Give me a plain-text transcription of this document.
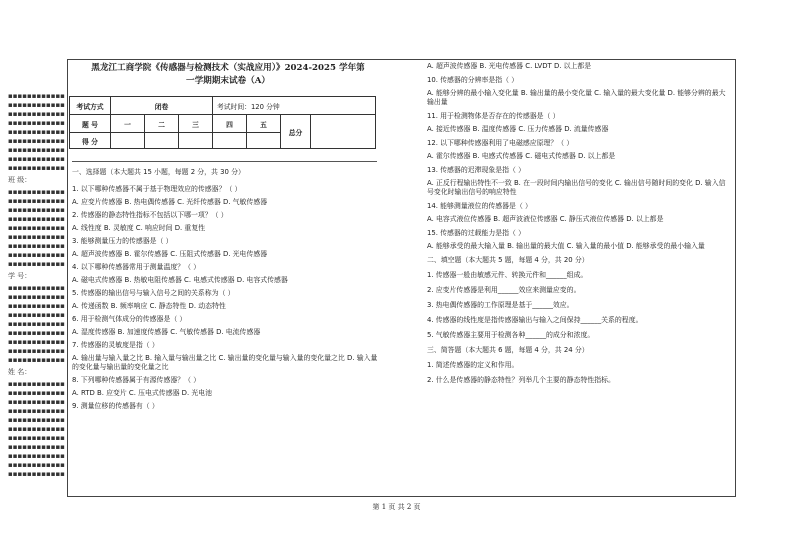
▪▪▪▪▪▪▪▪▪▪▪▪
▪▪▪▪▪▪▪▪▪▪▪▪
▪▪▪▪▪▪▪▪▪▪▪▪
▪▪▪▪▪▪▪▪▪▪▪▪
▪▪▪▪▪▪▪▪▪▪▪▪
▪▪▪▪▪▪▪▪▪▪▪▪
▪▪▪▪▪▪▪▪▪▪▪▪
▪▪▪▪▪▪▪▪▪▪▪▪
▪▪▪▪▪▪▪▪▪▪▪▪
班 级：
▪▪▪▪▪▪▪▪▪▪▪▪
▪▪▪▪▪▪▪▪▪▪▪▪
▪▪▪▪▪▪▪▪▪▪▪▪
▪▪▪▪▪▪▪▪▪▪▪▪
▪▪▪▪▪▪▪▪▪▪▪▪
▪▪▪▪▪▪▪▪▪▪▪▪
▪▪▪▪▪▪▪▪▪▪▪▪
▪▪▪▪▪▪▪▪▪▪▪▪
▪▪▪▪▪▪▪▪▪▪▪▪
学 号：
▪▪▪▪▪▪▪▪▪▪▪▪
▪▪▪▪▪▪▪▪▪▪▪▪
▪▪▪▪▪▪▪▪▪▪▪▪
▪▪▪▪▪▪▪▪▪▪▪▪
▪▪▪▪▪▪▪▪▪▪▪▪
▪▪▪▪▪▪▪▪▪▪▪▪
▪▪▪▪▪▪▪▪▪▪▪▪
▪▪▪▪▪▪▪▪▪▪▪▪
▪▪▪▪▪▪▪▪▪▪▪▪
姓 名：
▪▪▪▪▪▪▪▪▪▪▪▪
▪▪▪▪▪▪▪▪▪▪▪▪
▪▪▪▪▪▪▪▪▪▪▪▪
▪▪▪▪▪▪▪▪▪▪▪▪
▪▪▪▪▪▪▪▪▪▪▪▪
▪▪▪▪▪▪▪▪▪▪▪▪
▪▪▪▪▪▪▪▪▪▪▪▪
▪▪▪▪▪▪▪▪▪▪▪▪
▪▪▪▪▪▪▪▪▪▪▪▪
▪▪▪▪▪▪▪▪▪▪▪▪
▪▪▪▪▪▪▪▪▪▪▪▪
黑龙江工商学院《传感器与检测技术（实战应用）》2024-2025 学年第
一学期期末试卷（A）
考试方式	闭卷			考试时间：120 分钟			
题 号	一	二	三	四	五	总分	
得 分							

一、选择题（本大题共 15 小题，每题 2 分，共 30 分）

1. 以下哪种传感器不属于基于物理效应的传感器？（ ）

A. 应变片传感器 B. 热电偶传感器 C. 光纤传感器 D. 气敏传感器

2. 传感器的静态特性指标不包括以下哪一项？（ ）

A. 线性度 B. 灵敏度 C. 响应时间 D. 重复性

3. 能够测量压力的传感器是（ ）

A. 超声波传感器 B. 霍尔传感器 C. 压阻式传感器 D. 光电传感器

4. 以下哪种传感器常用于测量温度？（ ）

A. 磁电式传感器 B. 热敏电阻传感器 C. 电感式传感器 D. 电容式传感器

5. 传感器的输出信号与输入信号之间的关系称为（ ）

A. 传递函数 B. 频率响应 C. 静态特性 D. 动态特性

6. 用于检测气体成分的传感器是（ ）

A. 湿度传感器 B. 加速度传感器 C. 气敏传感器 D. 电流传感器

7. 传感器的灵敏度是指（ ）

A. 输出量与输入量之比 B. 输入量与输出量之比 C. 输出量的变化量与输入量的变化量之比 D. 输入量的变化量与输出量的变化量之比

8. 下列哪种传感器属于有源传感器？（ ）

A. RTD B. 应变片 C. 压电式传感器 D. 光电池

9. 测量位移的传感器有（ ）

A. 超声波传感器 B. 光电传感器 C. LVDT D. 以上都是

10. 传感器的分辨率是指（ ）

A. 能够分辨的最小输入变化量 B. 输出量的最小变化量 C. 输入量的最大变化量 D. 能够分辨的最大输出量

11. 用于检测物体是否存在的传感器是（ ）

A. 接近传感器 B. 温度传感器 C. 压力传感器 D. 流量传感器

12. 以下哪种传感器利用了电磁感应原理？（ ）

A. 霍尔传感器 B. 电感式传感器 C. 磁电式传感器 D. 以上都是

13. 传感器的迟滞现象是指（ ）

A. 正反行程输出特性不一致 B. 在一段时间内输出信号的变化 C. 输出信号随时间的变化 D. 输入信号变化时输出信号的响应特性

14. 能够测量液位的传感器是（ ）

A. 电容式液位传感器 B. 超声波液位传感器 C. 静压式液位传感器 D. 以上都是

15. 传感器的过载能力是指（ ）

A. 能够承受的最大输入量 B. 输出量的最大值 C. 输入量的最小值 D. 能够承受的最小输入量

二、填空题（本大题共 5 题，每题 4 分，共 20 分）

1. 传感器一般由敏感元件、转换元件和______组成。

2. 应变片传感器是利用______效应来测量应变的。

3. 热电偶传感器的工作原理是基于______效应。

4. 传感器的线性度是指传感器输出与输入之间保持______关系的程度。

5. 气敏传感器主要用于检测各种______的成分和浓度。

三、简答题（本大题共 6 题，每题 4 分，共 24 分）

1. 简述传感器的定义和作用。

2. 什么是传感器的静态特性？列举几个主要的静态特性指标。

第 1 页 共 2 页
